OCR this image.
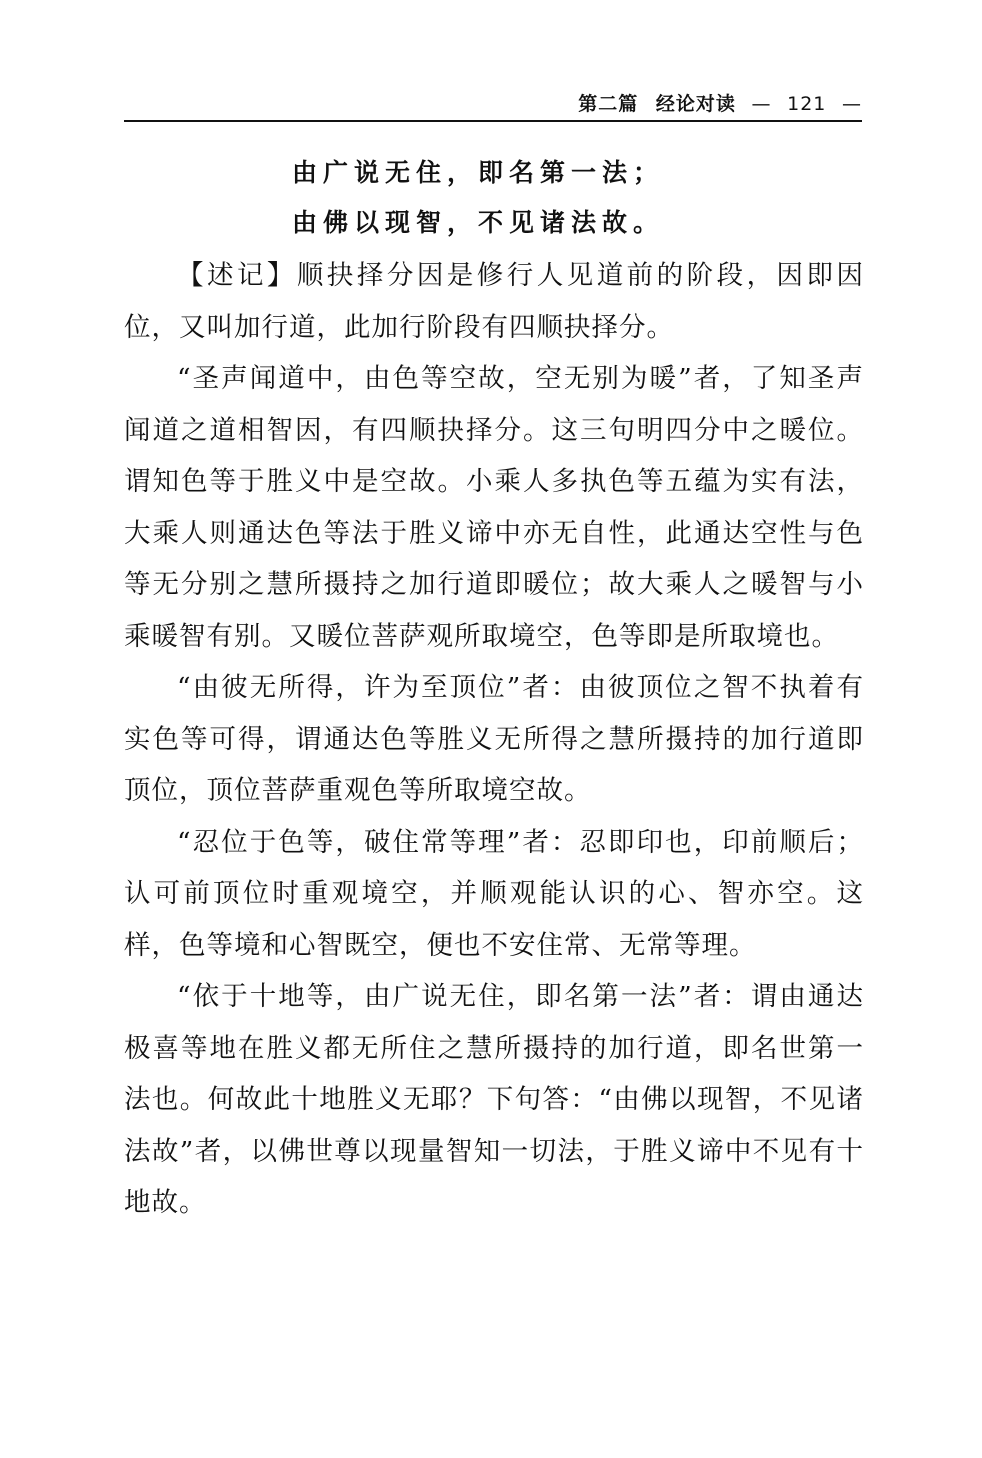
第二篇 经论对读 — 121 —
由广说无住，即名第一法；
由佛以现智，不见诸法故。

【述记】顺抉择分因是修行人见道前的阶段，因即因位，又叫加行道，此加行阶段有四顺抉择分。

“圣声闻道中，由色等空故，空无别为暖”者，了知圣声闻道之道相智因，有四顺抉择分。这三句明四分中之暖位。谓知色等于胜义中是空故。小乘人多执色等五蕴为实有法，大乘人则通达色等法于胜义谛中亦无自性，此通达空性与色等无分别之慧所摄持之加行道即暖位；故大乘人之暖智与小乘暖智有别。又暖位菩萨观所取境空，色等即是所取境也。

“由彼无所得，许为至顶位”者：由彼顶位之智不执着有实色等可得，谓通达色等胜义无所得之慧所摄持的加行道即顶位，顶位菩萨重观色等所取境空故。

“忍位于色等，破住常等理”者：忍即印也，印前顺后；认可前顶位时重观境空，并顺观能认识的心、智亦空。这样，色等境和心智既空，便也不安住常、无常等理。

“依于十地等，由广说无住，即名第一法”者：谓由通达极喜等地在胜义都无所住之慧所摄持的加行道，即名世第一法也。何故此十地胜义无耶？下句答：“由佛以现智，不见诸法故”者，以佛世尊以现量智知一切法，于胜义谛中不见有十地故。
